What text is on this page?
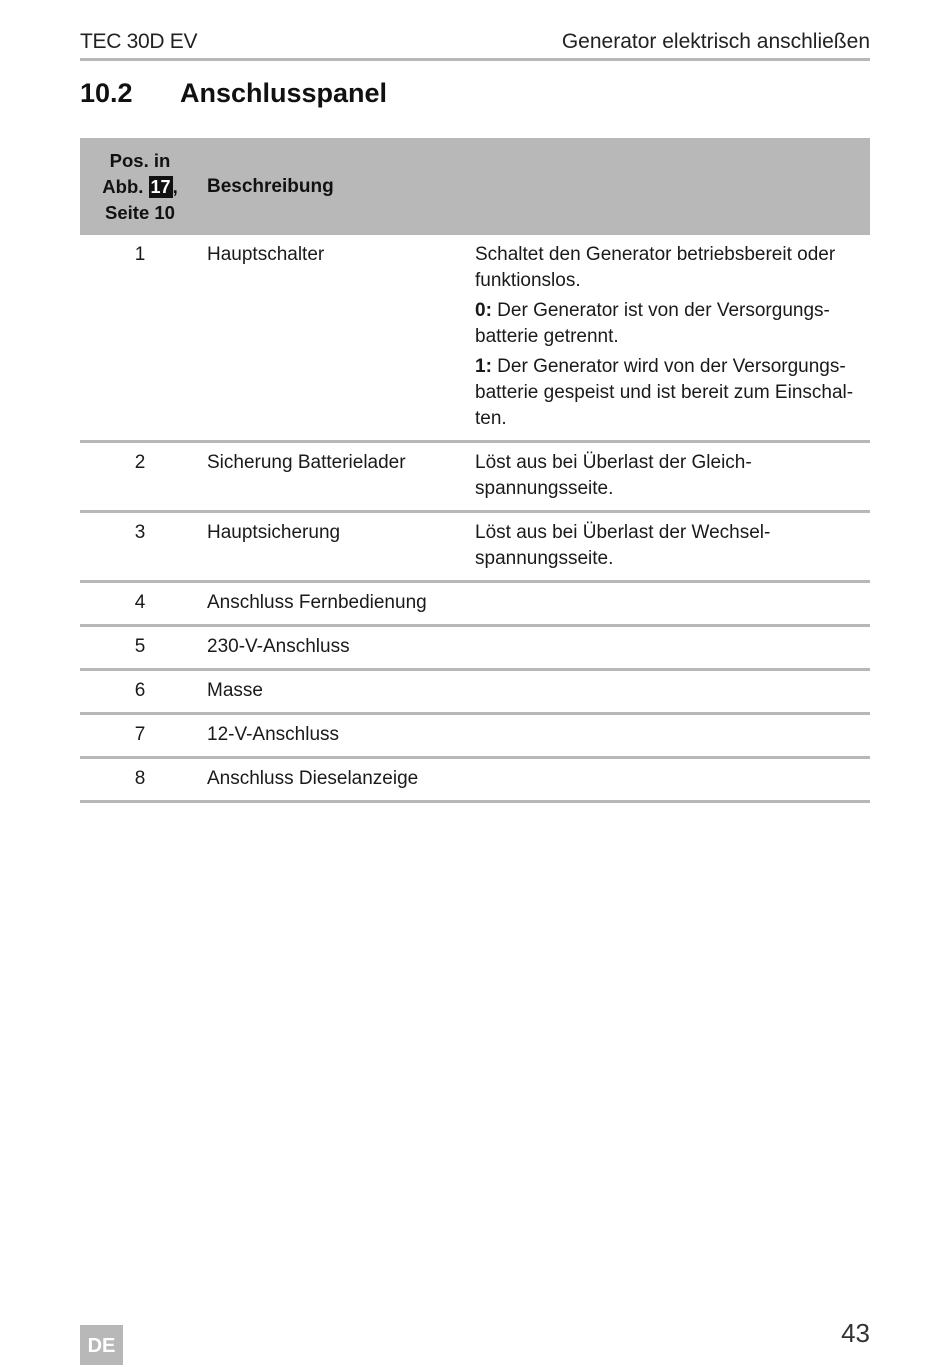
TEC 30D EV	Generator elektrisch anschließen
10.2 Anschlusspanel
Pos. in
Abb. 17 ,
Seite 10	Beschreibung	
1	Hauptschalter	Schaltet den Generator betriebsbereit oder funktionslos.
0: Der Generator ist von der Versorgungs-batterie getrennt.
1: Der Generator wird von der Versorgungs-batterie gespeist und ist bereit zum Einschal-ten.

2	Sicherung Batterielader	Löst aus bei Überlast der Gleich-spannungsseite.

3	Hauptsicherung	Löst aus bei Überlast der Wechsel-spannungsseite.

4	Anschluss Fernbedienung	
5	230-V-Anschluss	
6	Masse	
7	12-V-Anschluss	
8	Anschluss Dieselanzeige	
DE	43
